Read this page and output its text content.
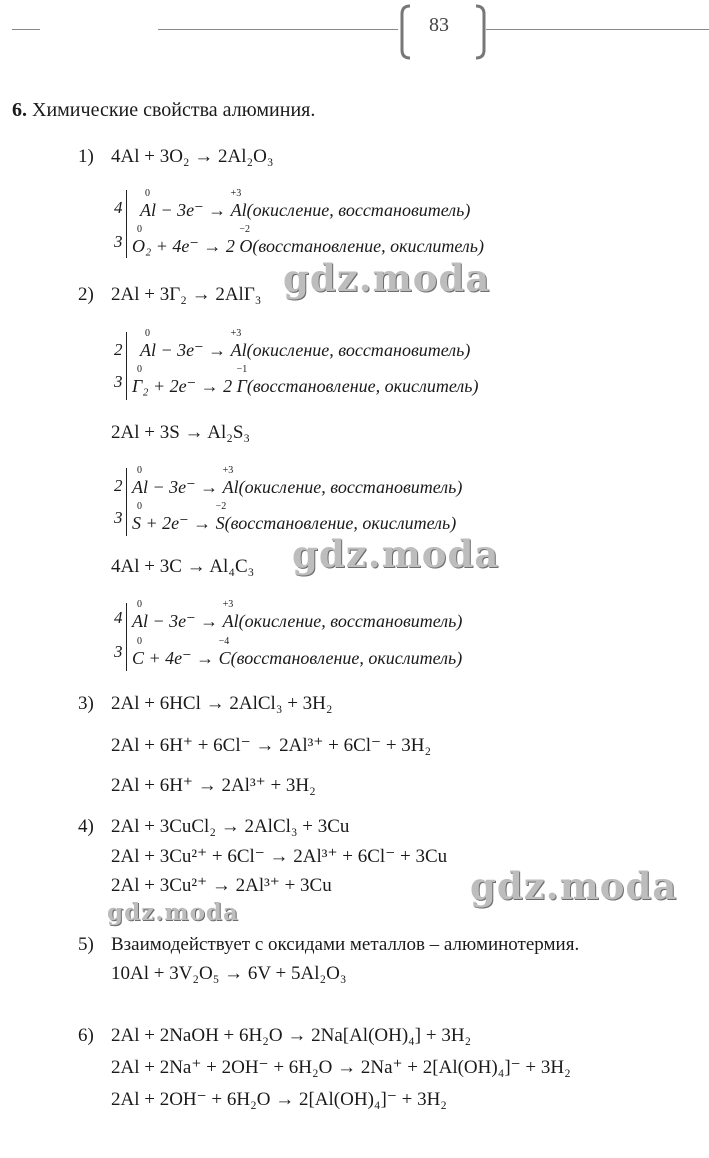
83
6. Химические свойства алюминия.
1) 4Al + 3O₂ → 2Al₂O₃
4
3
0
Al − 3e⁻ →
+3
Al(окисление, восстановитель)
0
O₂ + 4e⁻ → 2
−2
O(восстановление, окислитель)
2) 2Al + 3Г₂ → 2AlГ₃ gdz.moda
2
3
0
Al − 3e⁻ →
+3
Al(окисление, восстановитель)
0
Г₂ + 2e⁻ → 2
−1
Г(восстановление, окислитель)
2Al + 3S → Al₂S₃
2
3
0
Al − 3e⁻ →
+3
Al(окисление, восстановитель)
0
S + 2e⁻ →
−2
S(восстановление, окислитель)
4Al + 3C → Al₄C₃ gdz.moda
4
3
0
Al − 3e⁻ →
+3
Al(окисление, восстановитель)
0
C + 4e⁻ →
−4
C(восстановление, окислитель)
3) 2Al + 6HCl → 2AlCl₃ + 3H₂
2Al + 6H⁺ + 6Cl⁻ → 2Al³⁺ + 6Cl⁻ + 3H₂
2Al + 6H⁺ → 2Al³⁺ + 3H₂
4) 2Al + 3CuCl₂ → 2AlCl₃ + 3Cu
2Al + 3Cu²⁺ + 6Cl⁻ → 2Al³⁺ + 6Cl⁻ + 3Cu
2Al + 3Cu²⁺ → 2Al³⁺ + 3Cu	gdz.moda
gdz.moda
5) Взаимодействует с оксидами металлов – алюминотермия.
10Al + 3V₂O₅ → 6V + 5Al₂O₃
6) 2Al + 2NaOH + 6H₂O → 2Na[Al(OH)₄] + 3H₂
2Al + 2Na⁺ + 2OH⁻ + 6H₂O → 2Na⁺ + 2[Al(OH)₄]⁻ + 3H₂
2Al + 2OH⁻ + 6H₂O → 2[Al(OH)₄]⁻ + 3H₂
